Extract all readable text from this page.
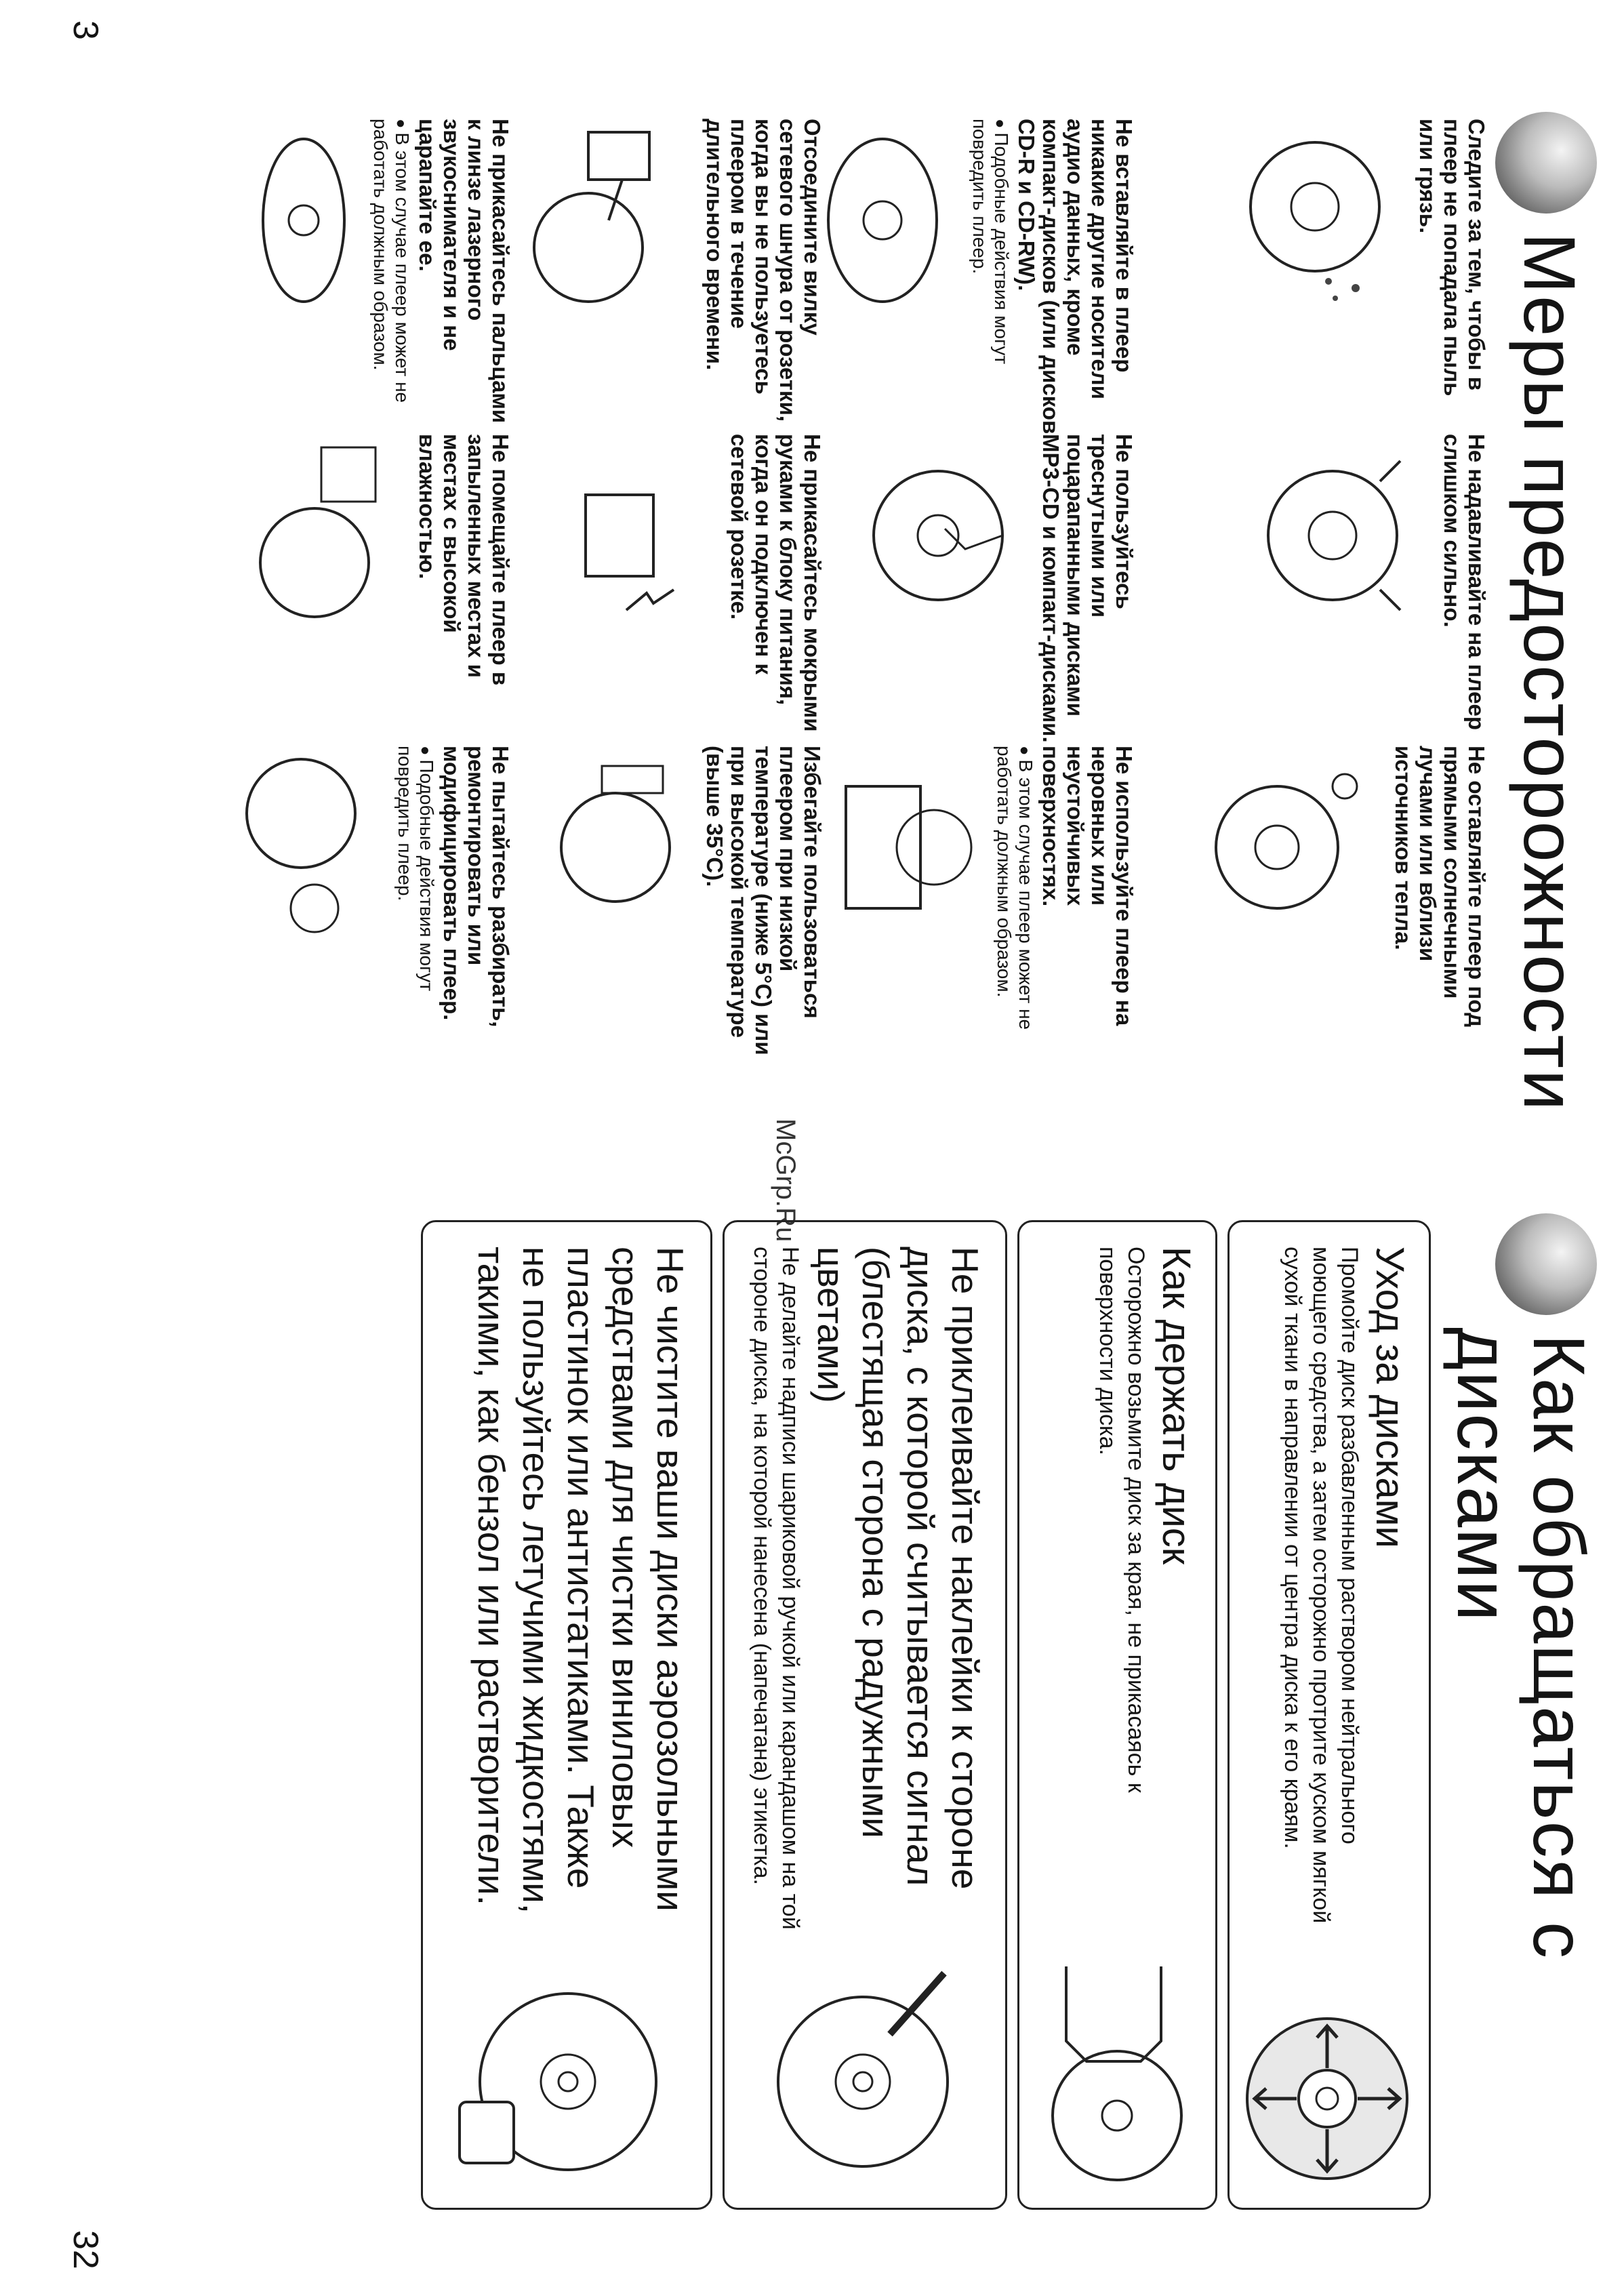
3
32
Меры предосторожности
Следите за тем, чтобы в плеер не попадала пыль или грязь.
Не надавливайте на плеер слишком сильно.
Не оставляйте плеер под прямыми солнечными лучами или вблизи источников тепла.
Не вставляйте в плеер никакие другие носители аудио данных, кроме компакт-дисков (или дисков CD-R и CD-RW).
●Подобные действия могут повредить плеер.
Не пользуйтесь треснутыми или поцарапанными дисками MP3-CD и компакт-дисками.
Не используйте плеер на неровных или неустойчивых поверхностях.
●В этом случае плеер может не работать должным образом.
Отсоедините вилку сетевого шнура от розетки, когда вы не пользуетесь плеером в течение длительного времени.
Не прикасайтесь мокрыми руками к блоку питания, когда он подключен к сетевой розетке.
Избегайте пользоваться плеером при низкой температуре (ниже 5°С) или при высокой температуре (выше 35°С).
Не прикасайтесь пальцами к линзе лазерного звукоснимателя и не царапайте ее.
●В этом случае плеер может не работать должным образом.
Не помещайте плеер в запыленных местах и местах с высокой влажностью.
Не пытайтесь разбирать, ремонтировать или модифицировать плеер.
●Подобные действия могут повредить плеер.
McGrp.Ru
Как обращаться с
дисками
Уход за дисками
Промойте диск разбавленным раствором нейтрального моющего средства, а затем осторожно протрите куском мягкой сухой ткани в направлении от центра диска к его краям.
Как держать диск
Осторожно возьмите диск за края, не прикасаясь к поверхности диска.
Не приклеивайте наклейки к стороне диска, с которой считывается сигнал (блестящая сторона с радужными цветами)
Не делайте надписи шариковой ручкой или карандашом на той стороне диска, на которой нанесена (напечатана) этикетка.
Не чистите ваши диски аэрозольными средствами для чистки виниловых пластинок или антистатиками. Также не пользуйтесь летучими жидкостями, такими, как бензол или растворители.
